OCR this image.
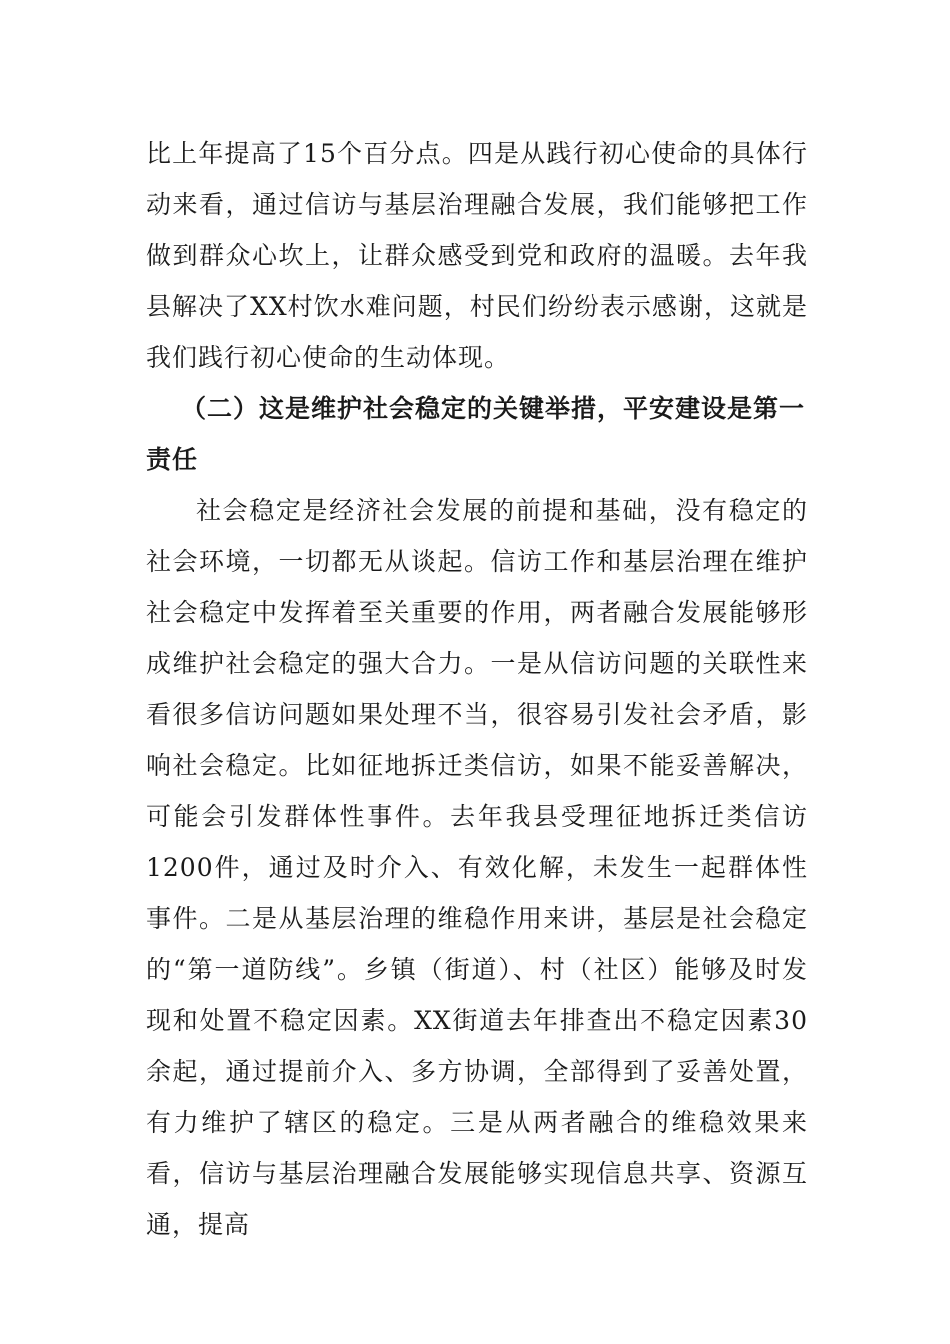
比上年提高了15个百分点。四是从践行初心使命的具体行动来看，通过信访与基层治理融合发展，我们能够把工作做到群众心坎上，让群众感受到党和政府的温暖。去年我县解决了XX村饮水难问题，村民们纷纷表示感谢，这就是我们践行初心使命的生动体现。

（二）这是维护社会稳定的关键举措，平安建设是第一责任

社会稳定是经济社会发展的前提和基础，没有稳定的社会环境，一切都无从谈起。信访工作和基层治理在维护社会稳定中发挥着至关重要的作用，两者融合发展能够形成维护社会稳定的强大合力。一是从信访问题的关联性来看很多信访问题如果处理不当，很容易引发社会矛盾，影响社会稳定。比如征地拆迁类信访，如果不能妥善解决，可能会引发群体性事件。去年我县受理征地拆迁类信访1200件，通过及时介入、有效化解，未发生一起群体性事件。二是从基层治理的维稳作用来讲，基层是社会稳定的“第一道防线”。乡镇（街道）、村（社区）能够及时发现和处置不稳定因素。XX街道去年排查出不稳定因素30余起，通过提前介入、多方协调，全部得到了妥善处置，有力维护了辖区的稳定。三是从两者融合的维稳效果来看，信访与基层治理融合发展能够实现信息共享、资源互通，提高
